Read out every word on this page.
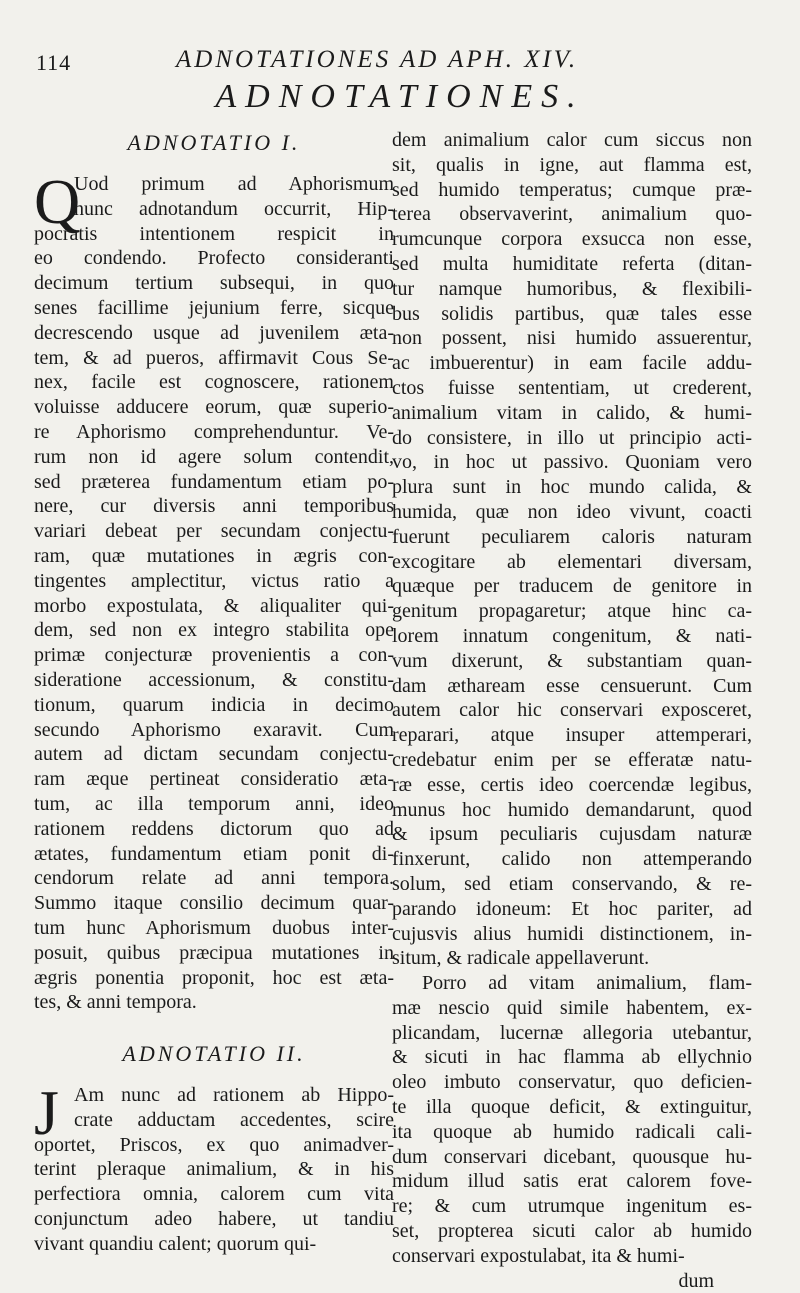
114	ADNOTATIONES AD APH. XIV.
ADNOTATIONES.
ADNOTATIO I.
Q
Uod primum ad Aphorismum
hunc adnotandum occurrit, Hip-
pocratis intentionem respicit in
eo condendo. Profecto consideranti
decimum tertium subsequi, in quo
senes facillime jejunium ferre, sicque
decrescendo usque ad juvenilem æta-
tem, & ad pueros, affirmavit Cous Se-
nex, facile est cognoscere, rationem
voluisse adducere eorum, quæ superio-
re Aphorismo comprehenduntur. Ve-
rum non id agere solum contendit,
sed præterea fundamentum etiam po-
nere, cur diversis anni temporibus
variari debeat per secundam conjectu-
ram, quæ mutationes in ægris con-
tingentes amplectitur, victus ratio a
morbo expostulata, & aliqualiter qui-
dem, sed non ex integro stabilita ope
primæ conjecturæ provenientis a con-
sideratione accessionum, & constitu-
tionum, quarum indicia in decimo
secundo Aphorismo exaravit. Cum
autem ad dictam secundam conjectu-
ram æque pertineat consideratio æta-
tum, ac illa temporum anni, ideo
rationem reddens dictorum quo ad
ætates, fundamentum etiam ponit di-
cendorum relate ad anni tempora.
Summo itaque consilio decimum quar-
tum hunc Aphorismum duobus inter-
posuit, quibus præcipua mutationes in
ægris ponentia proponit, hoc est æta-
tes, & anni tempora.
ADNOTATIO II.
J Am nunc ad rationem ab Hippo-
crate adductam accedentes, scire
oportet, Priscos, ex quo animadver-
terint pleraque animalium, & in his
perfectiora omnia, calorem cum vita
conjunctum adeo habere, ut tandiu
vivant quandiu calent; quorum qui-
dem animalium calor cum siccus non
sit, qualis in igne, aut flamma est,
sed humido temperatus; cumque præ-
terea observaverint, animalium quo-
rumcunque corpora exsucca non esse,
sed multa humiditate referta (ditan-
tur namque humoribus, & flexibili-
bus solidis partibus, quæ tales esse
non possent, nisi humido assuerentur,
ac imbuerentur) in eam facile addu-
ctos fuisse sententiam, ut crederent,
animalium vitam in calido, & humi-
do consistere, in illo ut principio acti-
vo, in hoc ut passivo. Quoniam vero
plura sunt in hoc mundo calida, &
humida, quæ non ideo vivunt, coacti
fuerunt peculiarem caloris naturam
excogitare ab elementari diversam,
quæque per traducem de genitore in
genitum propagaretur; atque hinc ca-
lorem innatum congenitum, & nati-
vum dixerunt, & substantiam quan-
dam æthaream esse censuerunt. Cum
autem calor hic conservari exposceret,
reparari, atque insuper attemperari,
credebatur enim per se efferatæ natu-
ræ esse, certis ideo coercendæ legibus,
munus hoc humido demandarunt, quod
& ipsum peculiaris cujusdam naturæ
finxerunt, calido non attemperando
solum, sed etiam conservando, & re-
parando idoneum: Et hoc pariter, ad
cujusvis alius humidi distinctionem, in-
situm, & radicale appellaverunt.
Porro ad vitam animalium, flam-
mæ nescio quid simile habentem, ex-
plicandam, lucernæ allegoria utebantur,
& sicuti in hac flamma ab ellychnio
oleo imbuto conservatur, quo deficien-
te illa quoque deficit, & extinguitur,
ita quoque ab humido radicali cali-
dum conservari dicebant, quousque hu-
midum illud satis erat calorem fove-
re; & cum utrumque ingenitum es-
set, propterea sicuti calor ab humido
conservari expostulabat, ita & humi-
dum
